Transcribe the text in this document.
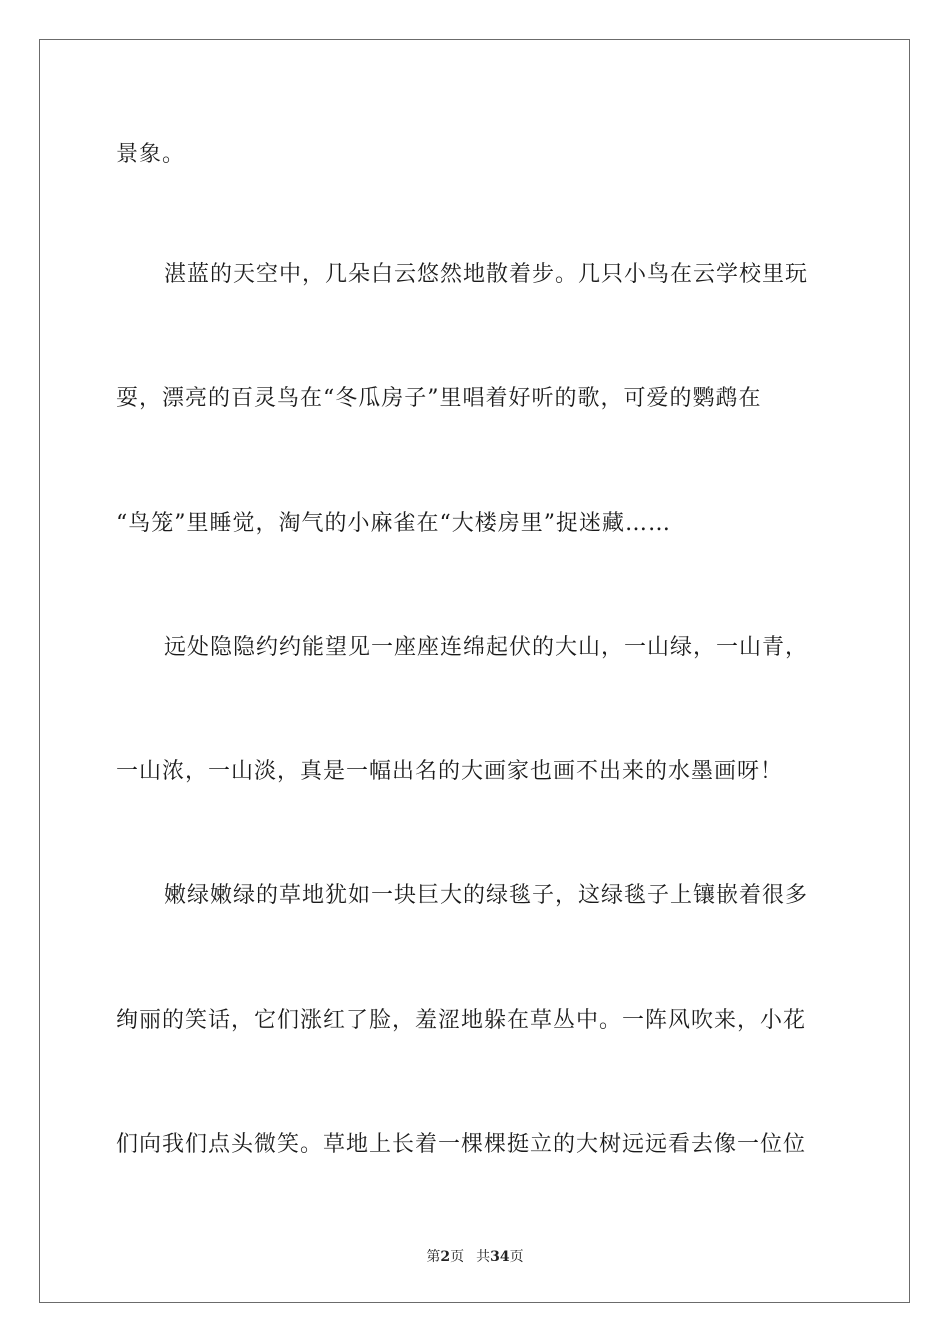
景象。
湛蓝的天空中，几朵白云悠然地散着步。几只小鸟在云学校里玩
耍，漂亮的百灵鸟在“冬瓜房子”里唱着好听的歌，可爱的鹦鹉在
“鸟笼”里睡觉，淘气的小麻雀在“大楼房里”捉迷藏……
远处隐隐约约能望见一座座连绵起伏的大山，一山绿，一山青，
一山浓，一山淡，真是一幅出名的大画家也画不出来的水墨画呀！
嫩绿嫩绿的草地犹如一块巨大的绿毯子，这绿毯子上镶嵌着很多
绚丽的笑话，它们涨红了脸，羞涩地躲在草丛中。一阵风吹来，小花
们向我们点头微笑。草地上长着一棵棵挺立的大树远远看去像一位位
第2页 共34页
